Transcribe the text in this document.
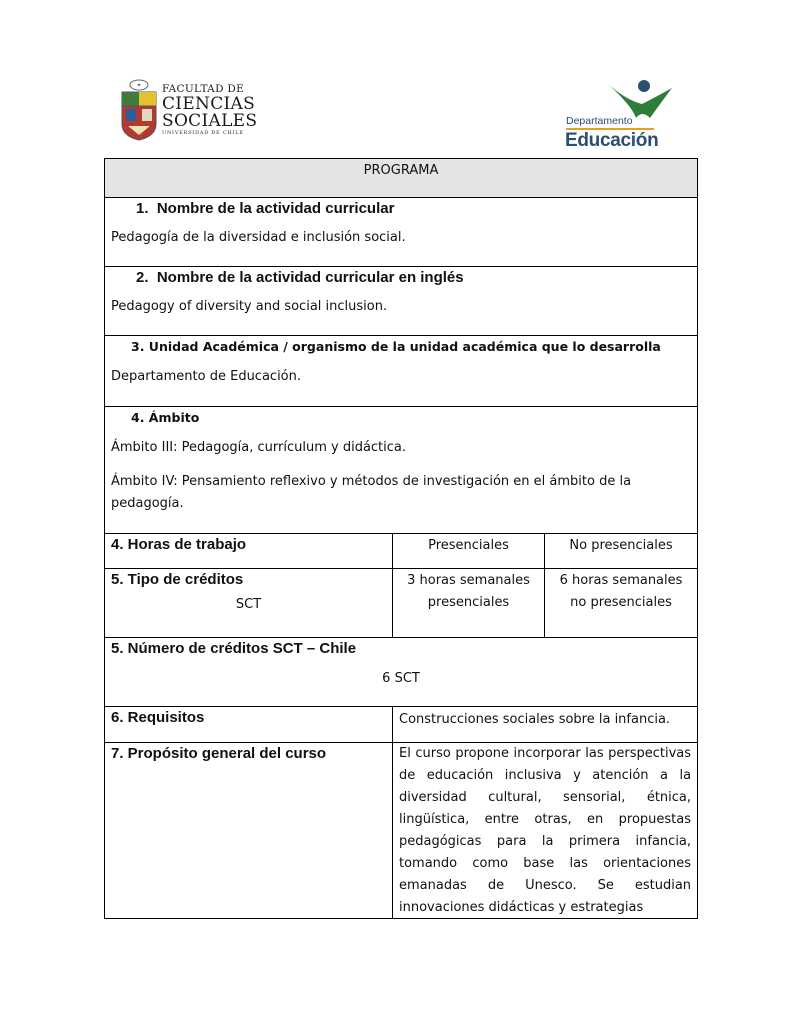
✦ FACULTAD DE
CIENCIAS
SOCIALES
UNIVERSIDAD DE CHILE
Departamento
Educación
PROGRAMA		

1.  Nombre de la actividad curricular
Pedagogía de la diversidad e inclusión social.		

2.  Nombre de la actividad curricular en inglés
Pedagogy of diversity and social inclusion.		

3. Unidad Académica / organismo de la unidad académica que lo desarrolla
Departamento de Educación.		

4. Ámbito
Ámbito III: Pedagogía, currículum y didáctica.
Ámbito IV: Pensamiento reflexivo y métodos de investigación en el ámbito de la pedagogía.		

4. Horas de trabajo	Presenciales	No presenciales

5. Tipo de créditos
SCT	3 horas semanales presenciales	6 horas semanales no presenciales

5. Número de créditos SCT – Chile
6 SCT		

6. Requisitos	Construcciones sociales sobre la infancia.	

7. Propósito general del curso	El curso propone incorporar las perspectivas de educación inclusiva y atención a la diversidad cultural, sensorial, étnica, lingüística, entre otras, en propuestas pedagógicas para la primera infancia, tomando como base las orientaciones emanadas de Unesco. Se estudian innovaciones didácticas y estrategias	
